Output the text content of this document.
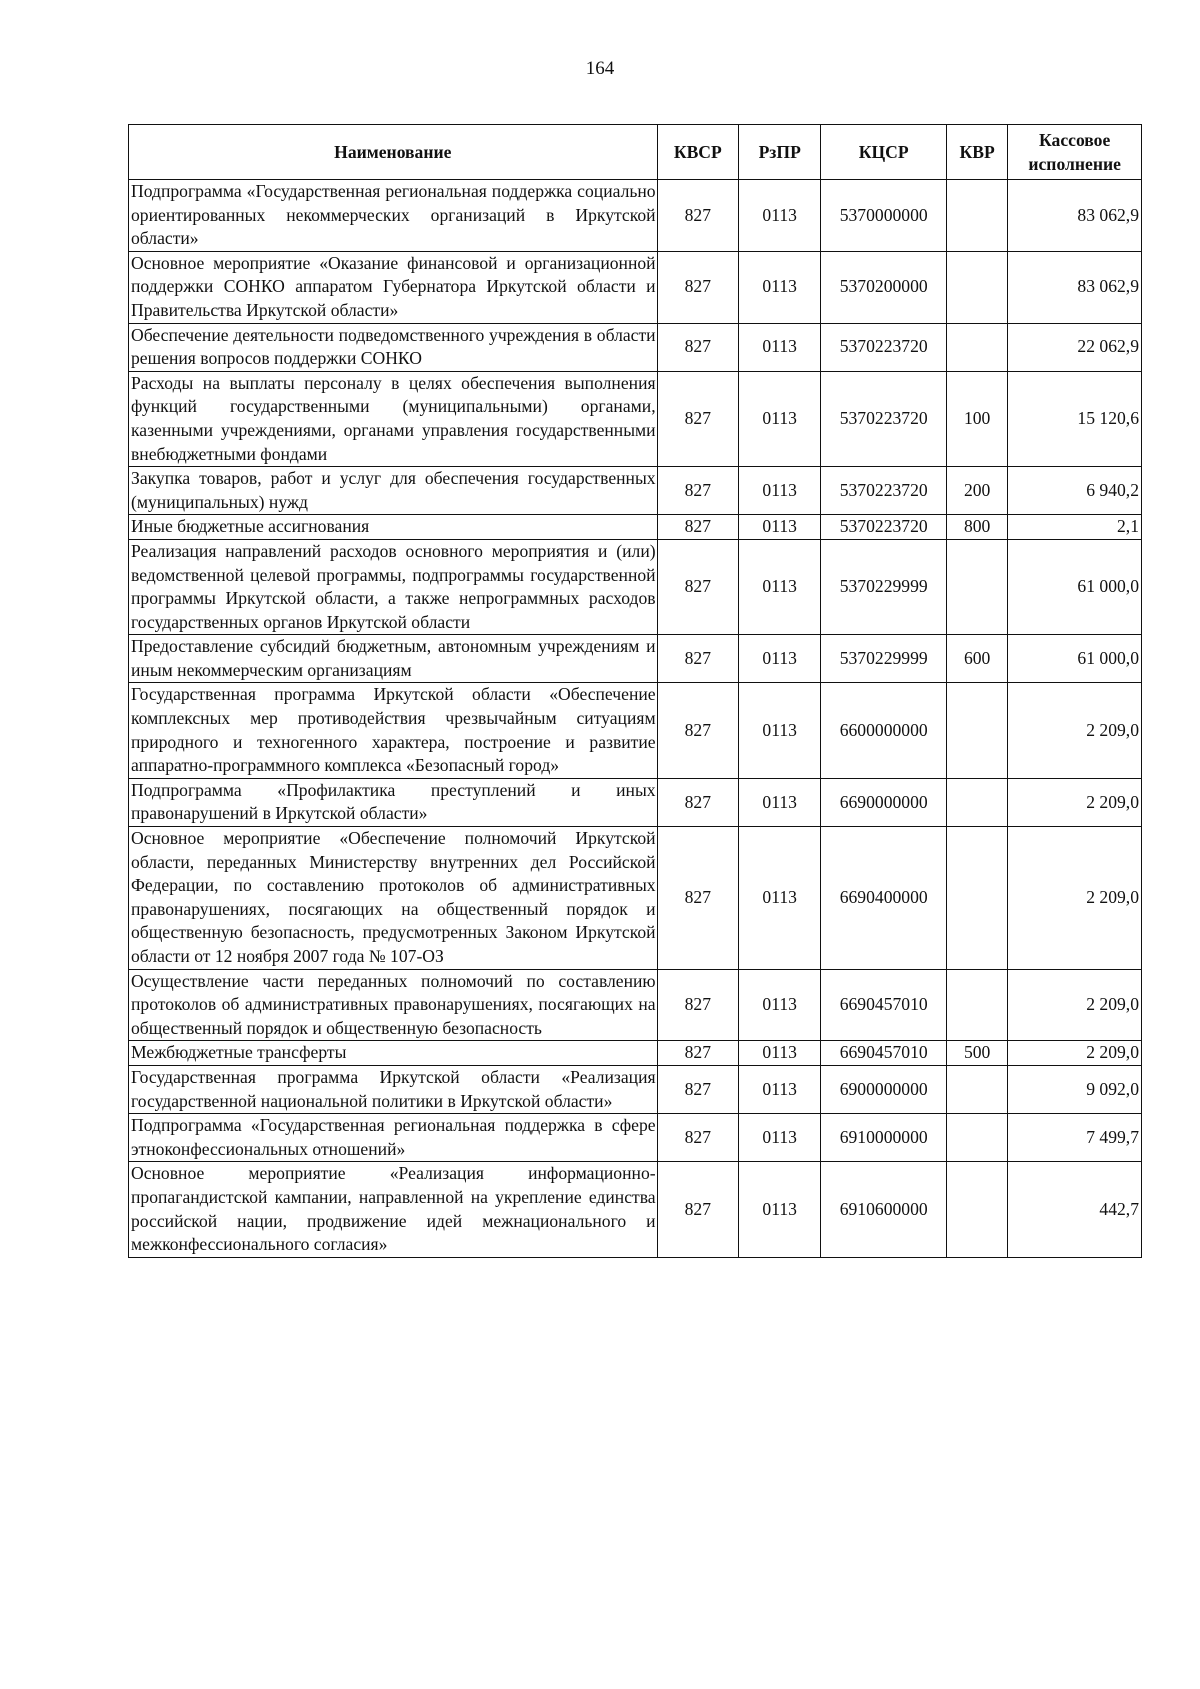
164
Наименование	КВСР	РзПР	КЦСР	КВР	Кассовое исполнение
Подпрограмма «Государственная региональная поддержка социально ориентированных некоммерческих организаций в Иркутской области»	827	0113	5370000000		83 062,9
Основное мероприятие «Оказание финансовой и организационной поддержки СОНКО аппаратом Губернатора Иркутской области и Правительства Иркутской области»	827	0113	5370200000		83 062,9
Обеспечение деятельности подведомственного учреждения в области решения вопросов поддержки СОНКО	827	0113	5370223720		22 062,9
Расходы на выплаты персоналу в целях обеспечения выполнения функций государственными (муниципальными) органами, казенными учреждениями, органами управления государственными внебюджетными фондами	827	0113	5370223720	100	15 120,6
Закупка товаров, работ и услуг для обеспечения государственных (муниципальных) нужд	827	0113	5370223720	200	6 940,2
Иные бюджетные ассигнования	827	0113	5370223720	800	2,1
Реализация направлений расходов основного мероприятия и (или) ведомственной целевой программы, подпрограммы государственной программы Иркутской области, а также непрограммных расходов государственных органов Иркутской области	827	0113	5370229999		61 000,0
Предоставление субсидий бюджетным, автономным учреждениям и иным некоммерческим организациям	827	0113	5370229999	600	61 000,0
Государственная программа Иркутской области «Обеспечение комплексных мер противодействия чрезвычайным ситуациям природного и техногенного характера, построение и развитие аппаратно-программного комплекса «Безопасный город»	827	0113	6600000000		2 209,0
Подпрограмма «Профилактика преступлений и иных правонарушений в Иркутской области»	827	0113	6690000000		2 209,0
Основное мероприятие «Обеспечение полномочий Иркутской области, переданных Министерству внутренних дел Российской Федерации, по составлению протоколов об административных правонарушениях, посягающих на общественный порядок и общественную безопасность, предусмотренных Законом Иркутской области от 12 ноября 2007 года № 107-ОЗ	827	0113	6690400000		2 209,0
Осуществление части переданных полномочий по составлению протоколов об административных правонарушениях, посягающих на общественный порядок и общественную безопасность	827	0113	6690457010		2 209,0
Межбюджетные трансферты	827	0113	6690457010	500	2 209,0
Государственная программа Иркутской области «Реализация государственной национальной политики в Иркутской области»	827	0113	6900000000		9 092,0
Подпрограмма «Государственная региональная поддержка в сфере этноконфессиональных отношений»	827	0113	6910000000		7 499,7
Основное мероприятие «Реализация информационно-пропагандистской кампании, направленной на укрепление единства российской нации, продвижение идей межнационального и межконфессионального согласия»	827	0113	6910600000		442,7
